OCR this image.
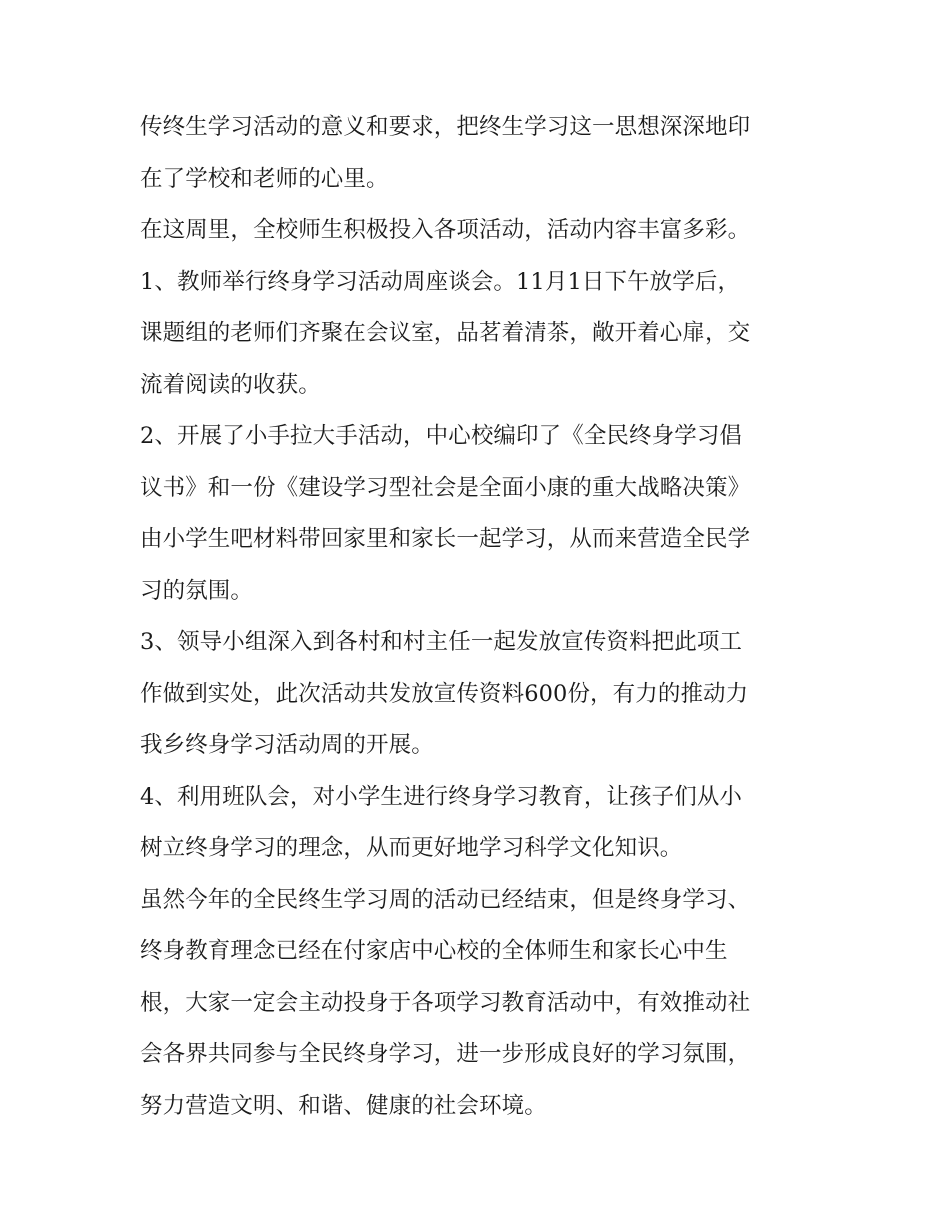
传终生学习活动的意义和要求，把终生学习这一思想深深地印
在了学校和老师的心里。
在这周里，全校师生积极投入各项活动，活动内容丰富多彩。
1、教师举行终身学习活动周座谈会。11月1日下午放学后，
课题组的老师们齐聚在会议室，品茗着清茶，敞开着心扉，交
流着阅读的收获。
2、开展了小手拉大手活动，中心校编印了《全民终身学习倡
议书》和一份《建设学习型社会是全面小康的重大战略决策》
由小学生吧材料带回家里和家长一起学习，从而来营造全民学
习的氛围。
3、领导小组深入到各村和村主任一起发放宣传资料把此项工
作做到实处，此次活动共发放宣传资料600份，有力的推动力
我乡终身学习活动周的开展。
4、利用班队会，对小学生进行终身学习教育，让孩子们从小
树立终身学习的理念，从而更好地学习科学文化知识。
虽然今年的全民终生学习周的活动已经结束，但是终身学习、
终身教育理念已经在付家店中心校的全体师生和家长心中生
根，大家一定会主动投身于各项学习教育活动中，有效推动社
会各界共同参与全民终身学习，进一步形成良好的学习氛围，
努力营造文明、和谐、健康的社会环境。
